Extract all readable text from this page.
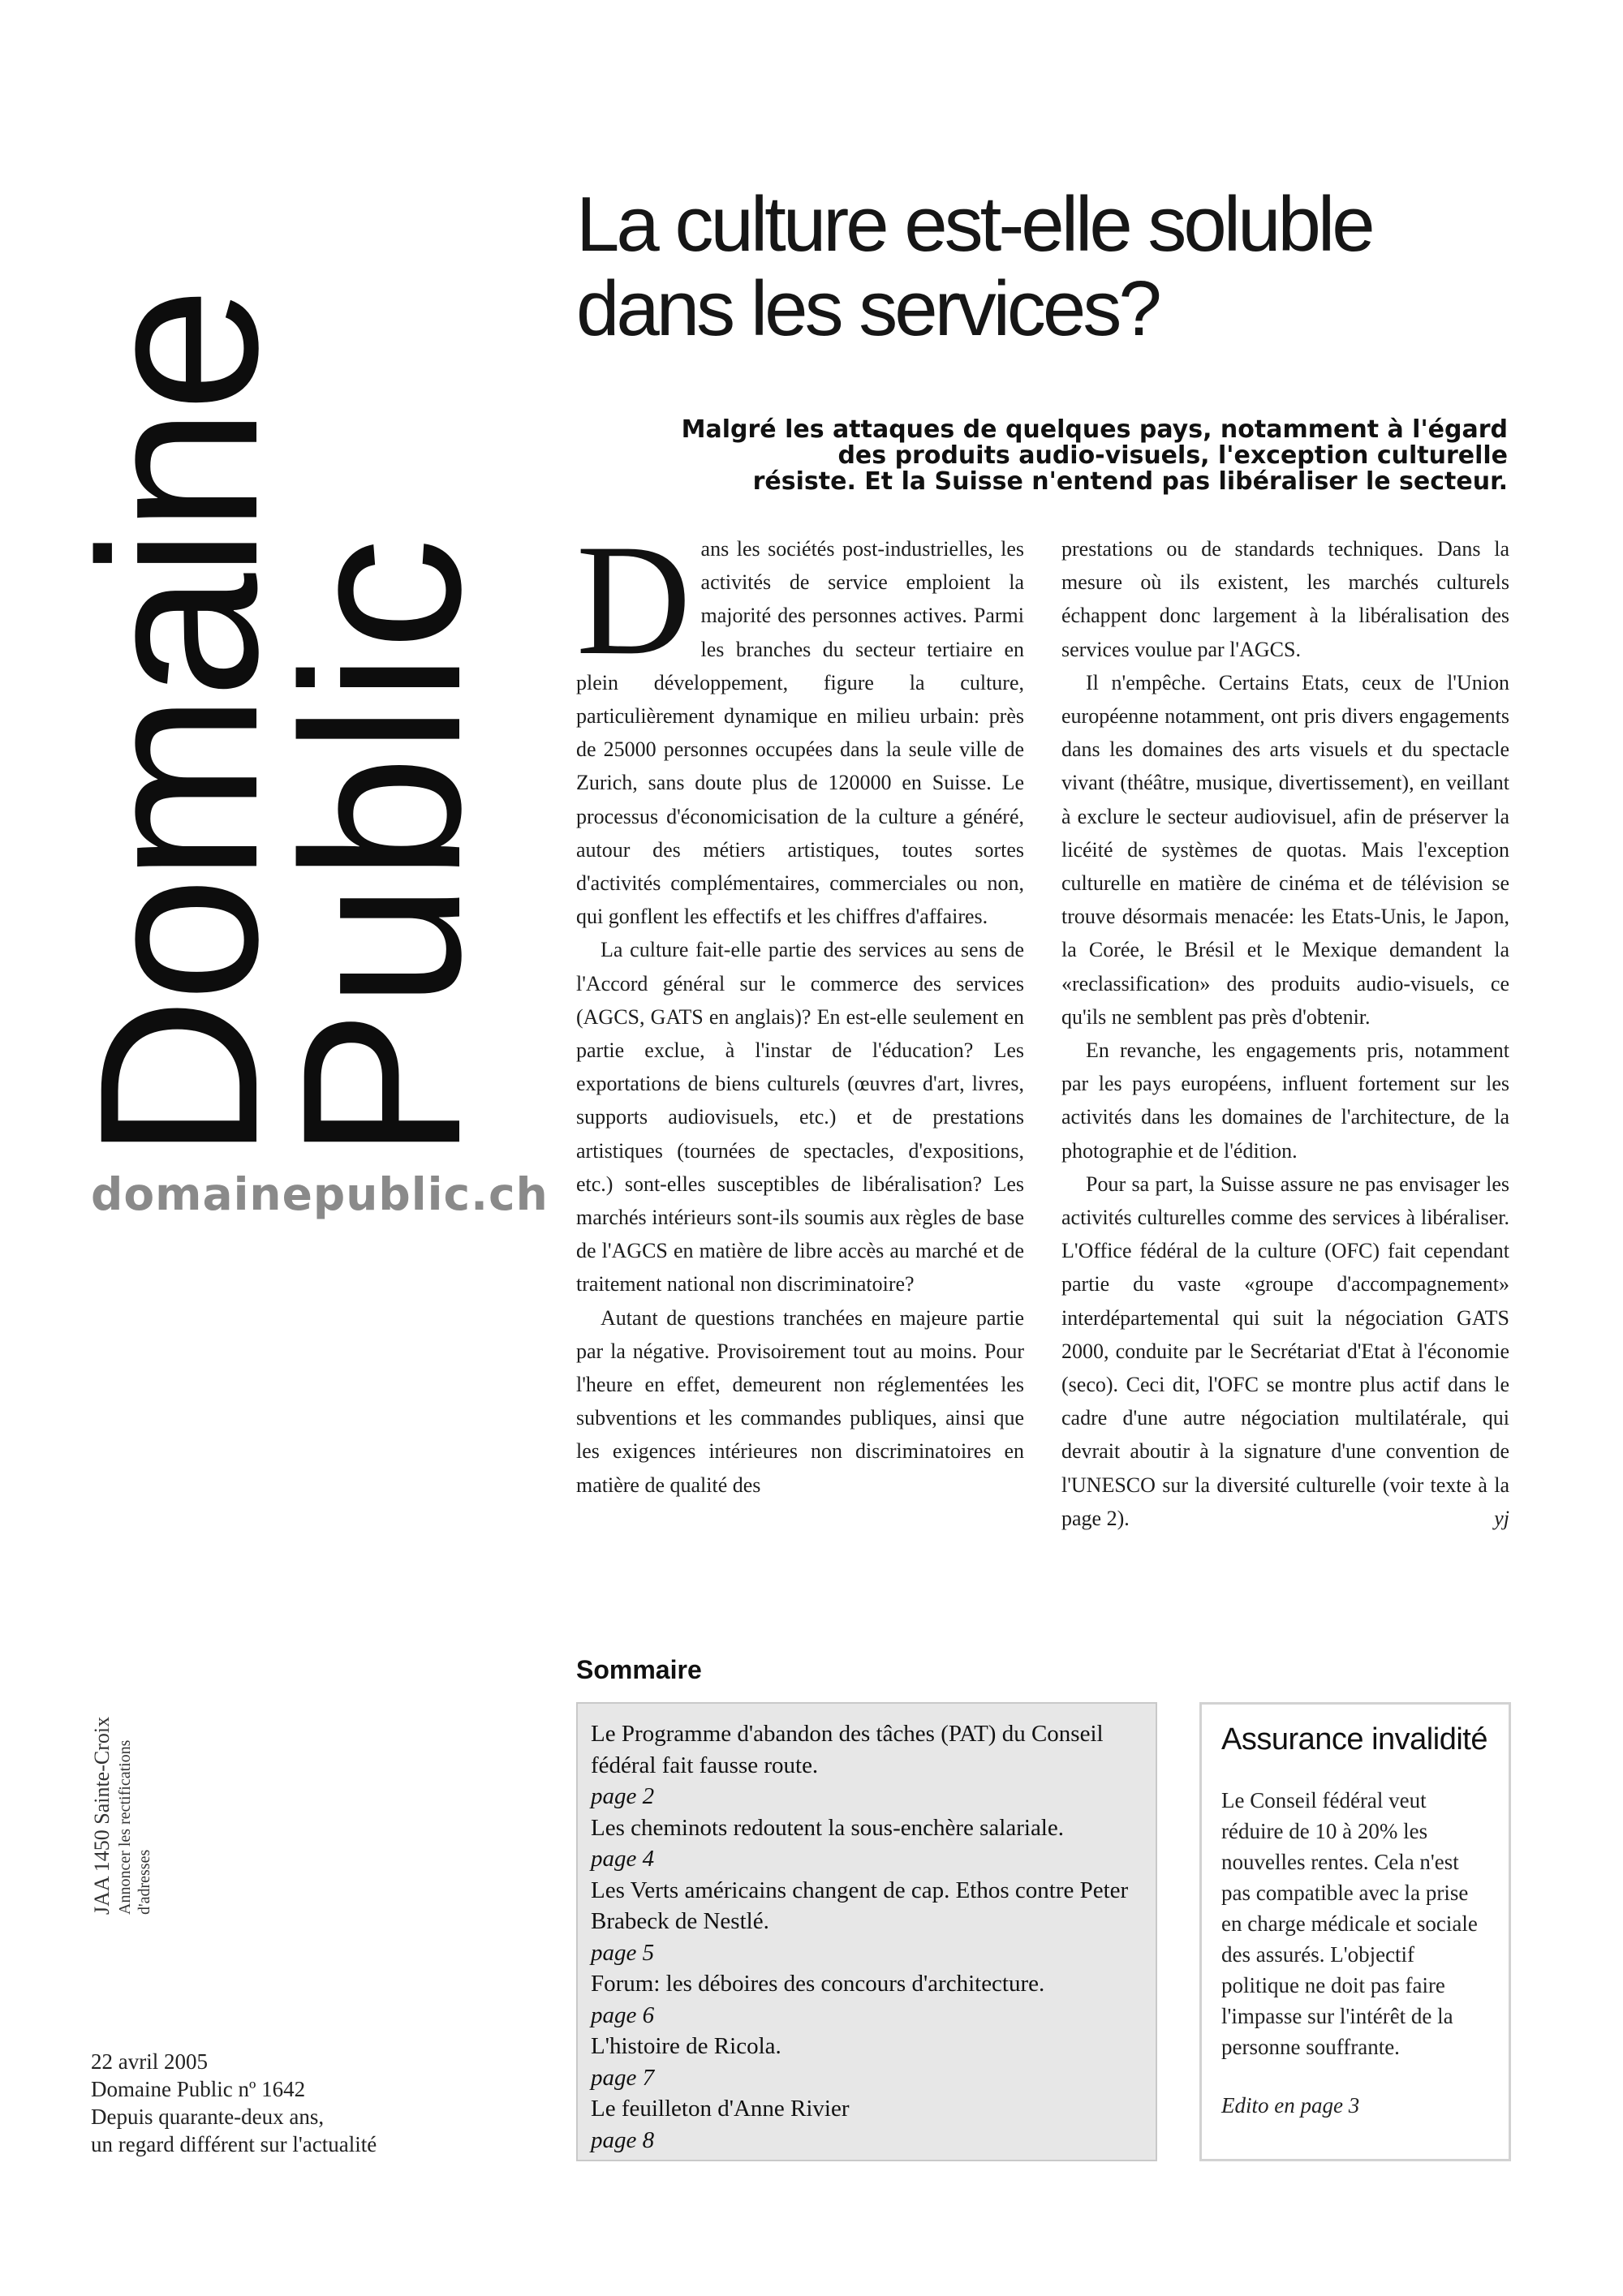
Domaine
Public
domainepublic.ch
JAA 1450 Sainte-Croix Annoncer les rectifications d'adresses
22 avril 2005
Domaine Public nº 1642
Depuis quarante-deux ans,
un regard différent sur l'actualité
La culture est-elle soluble
dans les services?
Malgré les attaques de quelques pays, notamment à l'égard
des produits audio-visuels, l'exception culturelle
résiste. Et la Suisse n'entend pas libéraliser le secteur.

Dans les sociétés post-industrielles, les activités de service emploient la majorité des personnes actives. Parmi les branches du secteur tertiaire en plein développement, figure la culture, particulièrement dynamique en milieu urbain: près de 25000 personnes occupées dans la seule ville de Zurich, sans doute plus de 120000 en Suisse. Le processus d'économicisation de la culture a généré, autour des métiers artistiques, toutes sortes d'activités complémentaires, commerciales ou non, qui gonflent les effectifs et les chiffres d'affaires.

La culture fait-elle partie des services au sens de l'Accord général sur le commerce des services (AGCS, GATS en anglais)? En est-elle seulement en partie exclue, à l'instar de l'éducation? Les exportations de biens culturels (œuvres d'art, livres, supports audiovisuels, etc.) et de prestations artistiques (tournées de spectacles, d'expositions, etc.) sont-elles susceptibles de libéralisation? Les marchés intérieurs sont-ils soumis aux règles de base de l'AGCS en matière de libre accès au marché et de traitement national non discriminatoire?

Autant de questions tranchées en majeure partie par la négative. Provisoirement tout au moins. Pour l'heure en effet, demeurent non réglementées les subventions et les commandes publiques, ainsi que les exigences intérieures non discriminatoires en matière de qualité des

prestations ou de standards techniques. Dans la mesure où ils existent, les marchés culturels échappent donc largement à la libéralisation des services voulue par l'AGCS.

Il n'empêche. Certains Etats, ceux de l'Union européenne notamment, ont pris divers engagements dans les domaines des arts visuels et du spectacle vivant (théâtre, musique, divertissement), en veillant à exclure le secteur audiovisuel, afin de préserver la licéité de systèmes de quotas. Mais l'exception culturelle en matière de cinéma et de télévision se trouve désormais menacée: les Etats-Unis, le Japon, la Corée, le Brésil et le Mexique demandent la «reclassification» des produits audio-visuels, ce qu'ils ne semblent pas près d'obtenir.

En revanche, les engagements pris, notamment par les pays européens, influent fortement sur les activités dans les domaines de l'architecture, de la photographie et de l'édition.

Pour sa part, la Suisse assure ne pas envisager les activités culturelles comme des services à libéraliser. L'Office fédéral de la culture (OFC) fait cependant partie du vaste «groupe d'accompagnement» interdépartemental qui suit la négociation GATS 2000, conduite par le Secrétariat d'Etat à l'économie (seco). Ceci dit, l'OFC se montre plus actif dans le cadre d'une autre négociation multilatérale, qui devrait aboutir à la signature d'une convention de l'UNESCO sur la diversité culturelle (voir texte à la page 2).	yj

Sommaire
Le Programme d'abandon des tâches (PAT) du Conseil fédéral fait fausse route.
page 2
Les cheminots redoutent la sous-enchère salariale.
page 4
Les Verts américains changent de cap. Ethos contre Peter Brabeck de Nestlé.
page 5
Forum: les déboires des concours d'architecture.
page 6
L'histoire de Ricola.
page 7
Le feuilleton d'Anne Rivier
page 8
Assurance invalidité
Le Conseil fédéral veut réduire de 10 à 20% les nouvelles rentes. Cela n'est pas compatible avec la prise en charge médicale et sociale des assurés. L'objectif politique ne doit pas faire l'impasse sur l'intérêt de la personne souffrante.
Edito en page 3
